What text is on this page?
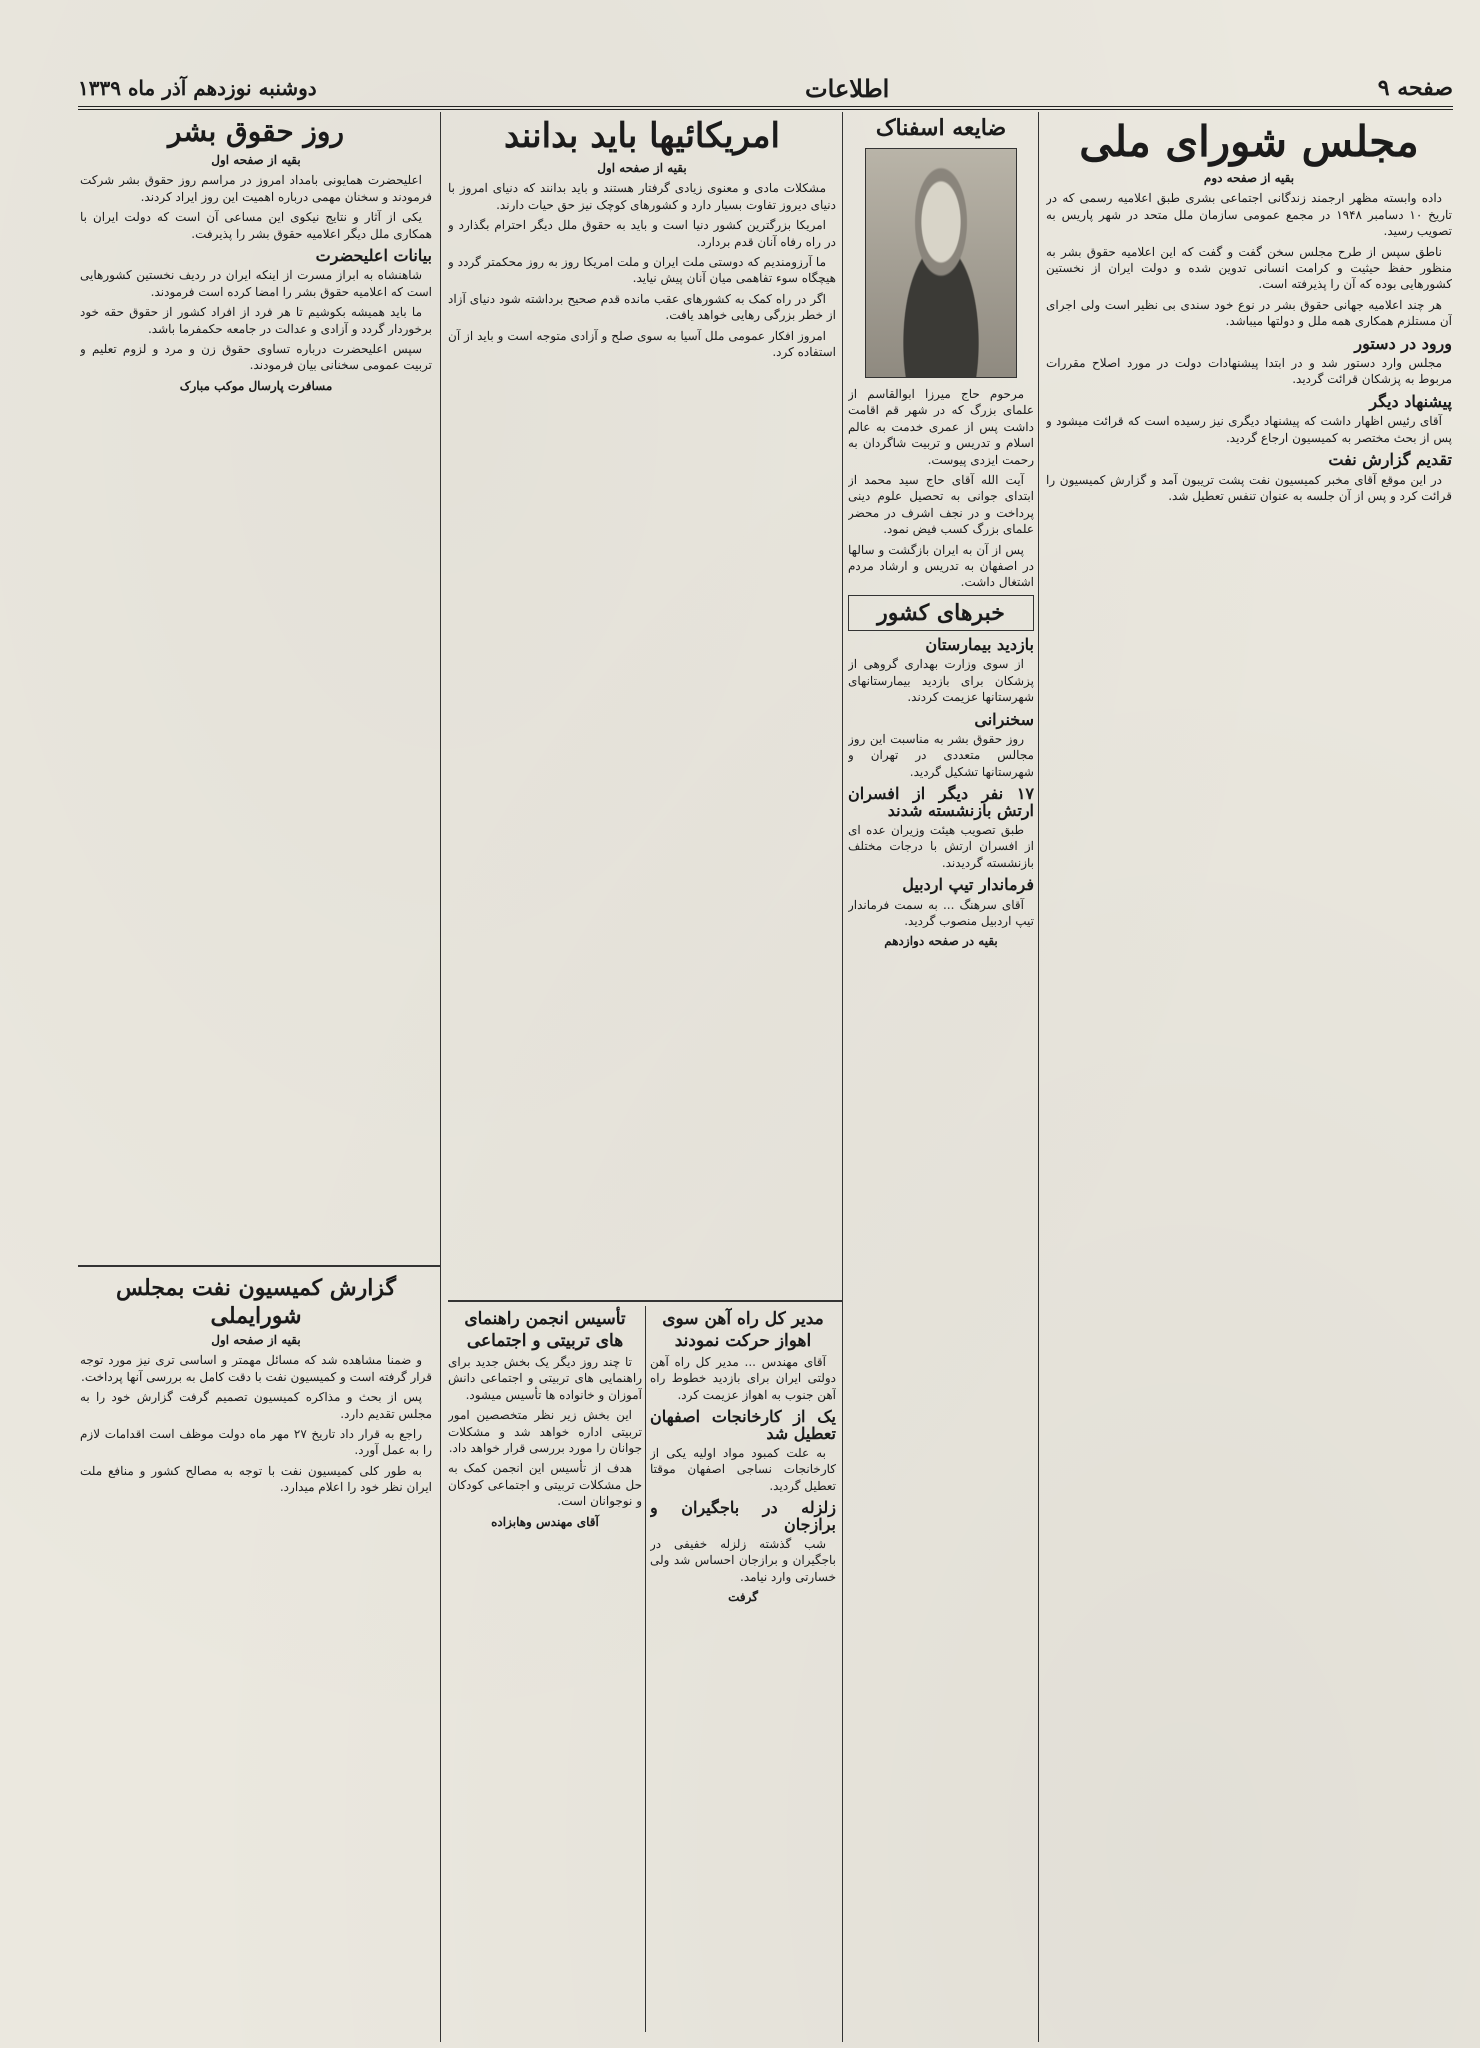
صفحه ۹
اطلاعات
دوشنبه نوزدهم آذر ماه ۱۳۳۹
مجلس شورای ملی
بقیه از صفحه دوم

داده وابسته مظهر ارجمند زندگانی اجتماعی بشری طبق اعلامیه رسمی که در تاریخ ۱۰ دسامبر ۱۹۴۸ در مجمع عمومی سازمان ملل متحد در شهر پاریس به تصویب رسید.

ناطق سپس از طرح مجلس سخن گفت و گفت که این اعلامیه حقوق بشر به منظور حفظ حیثیت و کرامت انسانی تدوین شده و دولت ایران از نخستین کشورهایی بوده که آن را پذیرفته است.

هر چند اعلامیه جهانی حقوق بشر در نوع خود سندی بی نظیر است ولی اجرای آن مستلزم همکاری همه ملل و دولتها میباشد.

ورود در دستور

مجلس وارد دستور شد و در ابتدا پیشنهادات دولت در مورد اصلاح مقررات مربوط به پزشکان قرائت گردید.

پیشنهاد دیگر

آقای رئیس اظهار داشت که پیشنهاد دیگری نیز رسیده است که قرائت میشود و پس از بحث مختصر به کمیسیون ارجاع گردید.

تقدیم گزارش نفت

در این موقع آقای مخبر کمیسیون نفت پشت تریبون آمد و گزارش کمیسیون را قرائت کرد و پس از آن جلسه به عنوان تنفس تعطیل شد.

ضایعه اسفناک

مرحوم حاج میرزا ابوالقاسم از علمای بزرگ که در شهر قم اقامت داشت پس از عمری خدمت به عالم اسلام و تدریس و تربیت شاگردان به رحمت ایزدی پیوست.

آیت الله آقای حاج سید محمد از ابتدای جوانی به تحصیل علوم دینی پرداخت و در نجف اشرف در محضر علمای بزرگ کسب فیض نمود.

پس از آن به ایران بازگشت و سالها در اصفهان به تدریس و ارشاد مردم اشتغال داشت.

خبرهای کشور
بازدید بیمارستان

از سوی وزارت بهداری گروهی از پزشکان برای بازدید بیمارستانهای شهرستانها عزیمت کردند.

سخنرانی

روز حقوق بشر به مناسبت این روز مجالس متعددی در تهران و شهرستانها تشکیل گردید.

۱۷ نفر دیگر از افسران ارتش بازنشسته شدند

طبق تصویب هیئت وزیران عده ای از افسران ارتش با درجات مختلف بازنشسته گردیدند.

فرماندار تیپ اردبیل

آقای سرهنگ ... به سمت فرماندار تیپ اردبیل منصوب گردید.

بقیه در صفحه دوازدهم
امریکائیها باید بدانند
بقیه از صفحه اول

مشکلات مادی و معنوی زیادی گرفتار هستند و باید بدانند که دنیای امروز با دنیای دیروز تفاوت بسیار دارد و کشورهای کوچک نیز حق حیات دارند.

امریکا بزرگترین کشور دنیا است و باید به حقوق ملل دیگر احترام بگذارد و در راه رفاه آنان قدم بردارد.

ما آرزومندیم که دوستی ملت ایران و ملت امریکا روز به روز محکمتر گردد و هیچگاه سوء تفاهمی میان آنان پیش نیاید.

اگر در راه کمک به کشورهای عقب مانده قدم صحیح برداشته شود دنیای آزاد از خطر بزرگی رهایی خواهد یافت.

امروز افکار عمومی ملل آسیا به سوی صلح و آزادی متوجه است و باید از آن استفاده کرد.

روز حقوق بشر
بقیه از صفحه اول

اعلیحضرت همایونی بامداد امروز در مراسم روز حقوق بشر شرکت فرمودند و سخنان مهمی درباره اهمیت این روز ایراد کردند.

یکی از آثار و نتایج نیکوی این مساعی آن است که دولت ایران با همکاری ملل دیگر اعلامیه حقوق بشر را پذیرفت.

بیانات اعلیحضرت

شاهنشاه به ابراز مسرت از اینکه ایران در ردیف نخستین کشورهایی است که اعلامیه حقوق بشر را امضا کرده است فرمودند.

ما باید همیشه بکوشیم تا هر فرد از افراد کشور از حقوق حقه خود برخوردار گردد و آزادی و عدالت در جامعه حکمفرما باشد.

سپس اعلیحضرت درباره تساوی حقوق زن و مرد و لزوم تعلیم و تربیت عمومی سخنانی بیان فرمودند.

مسافرت پارسال موکب مبارک
گزارش کمیسیون نفت بمجلس شورایملی
بقیه از صفحه اول

و ضمنا مشاهده شد که مسائل مهمتر و اساسی تری نیز مورد توجه قرار گرفته است و کمیسیون نفت با دقت کامل به بررسی آنها پرداخت.

پس از بحث و مذاکره کمیسیون تصمیم گرفت گزارش خود را به مجلس تقدیم دارد.

راجع به قرار داد تاریخ ۲۷ مهر ماه دولت موظف است اقدامات لازم را به عمل آورد.

به طور کلی کمیسیون نفت با توجه به مصالح کشور و منافع ملت ایران نظر خود را اعلام میدارد.

تأسیس انجمن راهنمای های تربیتی و اجتماعی

تا چند روز دیگر یک بخش جدید برای راهنمایی های تربیتی و اجتماعی دانش آموزان و خانواده ها تأسیس میشود.

این بخش زیر نظر متخصصین امور تربیتی اداره خواهد شد و مشکلات جوانان را مورد بررسی قرار خواهد داد.

هدف از تأسیس این انجمن کمک به حل مشکلات تربیتی و اجتماعی کودکان و نوجوانان است.

آقای مهندس وهابزاده
مدیر کل راه آهن سوی اهواز حرکت نمودند

آقای مهندس ... مدیر کل راه آهن دولتی ایران برای بازدید خطوط راه آهن جنوب به اهواز عزیمت کرد.

یک از کارخانجات اصفهان تعطیل شد

به علت کمبود مواد اولیه یکی از کارخانجات نساجی اصفهان موقتا تعطیل گردید.

زلزله در باجگیران و برازجان

شب گذشته زلزله خفیفی در باجگیران و برازجان احساس شد ولی خسارتی وارد نیامد.

گرفت
